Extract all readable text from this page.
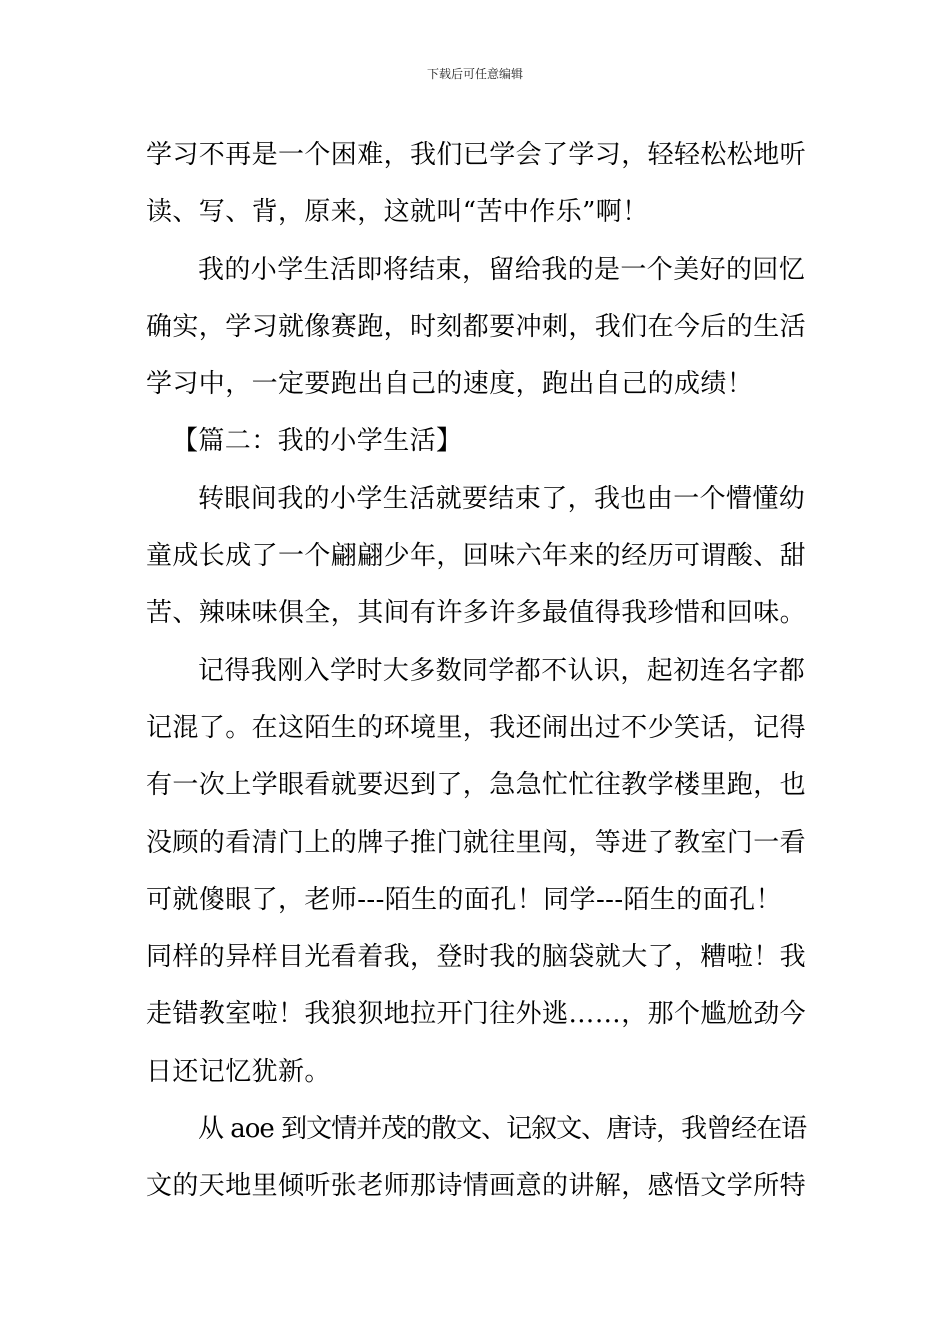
下载后可任意编辑
学习不再是一个困难，我们已学会了学习，轻轻松松地听
读、写、背，原来，这就叫“苦中作乐”啊！
我的小学生活即将结束，留给我的是一个美好的回忆
确实，学习就像赛跑，时刻都要冲刺，我们在今后的生活
学习中，一定要跑出自己的速度，跑出自己的成绩！
【篇二：我的小学生活】
转眼间我的小学生活就要结束了，我也由一个懵懂幼
童成长成了一个翩翩少年，回味六年来的经历可谓酸、甜
苦、辣味味俱全，其间有许多许多最值得我珍惜和回味。
记得我刚入学时大多数同学都不认识，起初连名字都
记混了。在这陌生的环境里，我还闹出过不少笑话，记得
有一次上学眼看就要迟到了，急急忙忙往教学楼里跑，也
没顾的看清门上的牌子推门就往里闯，等进了教室门一看
可就傻眼了，老师---陌生的面孔！同学---陌生的面孔！
同样的异样目光看着我，登时我的脑袋就大了，糟啦！我
走错教室啦！我狼狈地拉开门往外逃……，那个尴尬劲今
日还记忆犹新。
从 aoe 到文情并茂的散文、记叙文、唐诗，我曾经在语
文的天地里倾听张老师那诗情画意的讲解，感悟文学所特
